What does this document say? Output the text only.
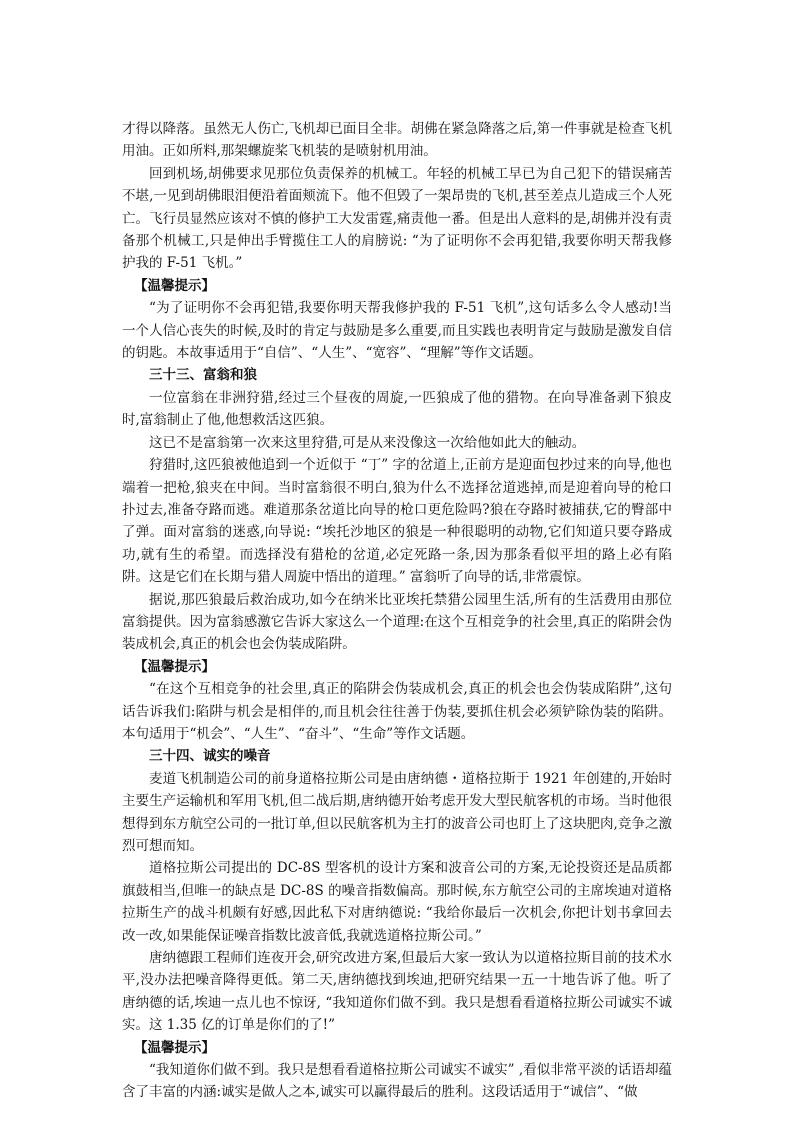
才得以降落。虽然无人伤亡,飞机却已面目全非。胡佛在紧急降落之后,第一件事就是检查飞机用油。正如所料,那架螺旋桨飞机装的是喷射机用油。

回到机场,胡佛要求见那位负责保养的机械工。年轻的机械工早已为自己犯下的错误痛苦不堪,一见到胡佛眼泪便沿着面颊流下。他不但毁了一架昂贵的飞机,甚至差点儿造成三个人死亡。飞行员显然应该对不慎的修护工大发雷霆,痛责他一番。但是出人意料的是,胡佛并没有责备那个机械工,只是伸出手臂揽住工人的肩膀说: “为了证明你不会再犯错,我要你明天帮我修护我的 F-51 飞机。”

【温馨提示】

“为了证明你不会再犯错,我要你明天帮我修护我的 F-51 飞机”,这句话多么令人感动!当一个人信心丧失的时候,及时的肯定与鼓励是多么重要,而且实践也表明肯定与鼓励是激发自信的钥匙。本故事适用于“自信”、“人生”、“宽容”、“理解”等作文话题。

三十三、富翁和狼

一位富翁在非洲狩猎,经过三个昼夜的周旋,一匹狼成了他的猎物。在向导准备剥下狼皮时,富翁制止了他,他想救活这匹狼。

这已不是富翁第一次来这里狩猎,可是从来没像这一次给他如此大的触动。

狩猎时,这匹狼被他追到一个近似于 “丁” 字的岔道上,正前方是迎面包抄过来的向导,他也端着一把枪,狼夹在中间。当时富翁很不明白,狼为什么不选择岔道逃掉,而是迎着向导的枪口扑过去,准备夺路而逃。难道那条岔道比向导的枪口更危险吗?狼在夺路时被捕获,它的臀部中了弹。面对富翁的迷惑,向导说: “埃托沙地区的狼是一种很聪明的动物,它们知道只要夺路成功,就有生的希望。而选择没有猎枪的岔道,必定死路一条,因为那条看似平坦的路上必有陷阱。这是它们在长期与猎人周旋中悟出的道理。” 富翁听了向导的话,非常震惊。

据说,那匹狼最后救治成功,如今在纳米比亚埃托禁猎公园里生活,所有的生活费用由那位富翁提供。因为富翁感激它告诉大家这么一个道理:在这个互相竞争的社会里,真正的陷阱会伪装成机会,真正的机会也会伪装成陷阱。

【温馨提示】

“在这个互相竞争的社会里,真正的陷阱会伪装成机会,真正的机会也会伪装成陷阱”,这句话告诉我们:陷阱与机会是相伴的,而且机会往往善于伪装,要抓住机会必须铲除伪装的陷阱。本句适用于“机会”、“人生”、“奋斗”、“生命”等作文话题。

三十四、诚实的噪音

麦道飞机制造公司的前身道格拉斯公司是由唐纳德・道格拉斯于 1921 年创建的,开始时主要生产运输机和军用飞机,但二战后期,唐纳德开始考虑开发大型民航客机的市场。当时他很想得到东方航空公司的一批订单,但以民航客机为主打的波音公司也盯上了这块肥肉,竞争之激烈可想而知。

道格拉斯公司提出的 DC-8S 型客机的设计方案和波音公司的方案,无论投资还是品质都旗鼓相当,但唯一的缺点是 DC-8S 的噪音指数偏高。那时候,东方航空公司的主席埃迪对道格拉斯生产的战斗机颇有好感,因此私下对唐纳德说: “我给你最后一次机会,你把计划书拿回去改一改,如果能保证噪音指数比波音低,我就选道格拉斯公司。”

唐纳德跟工程师们连夜开会,研究改进方案,但最后大家一致认为以道格拉斯目前的技术水平,没办法把噪音降得更低。第二天,唐纳德找到埃迪,把研究结果一五一十地告诉了他。听了唐纳德的话,埃迪一点儿也不惊讶, “我知道你们做不到。我只是想看看道格拉斯公司诚实不诚实。这 1.35 亿的订单是你们的了!”

【温馨提示】

“我知道你们做不到。我只是想看看道格拉斯公司诚实不诚实” ,看似非常平淡的话语却蕴含了丰富的内涵:诚实是做人之本,诚实可以赢得最后的胜利。这段话适用于“诚信”、“做
